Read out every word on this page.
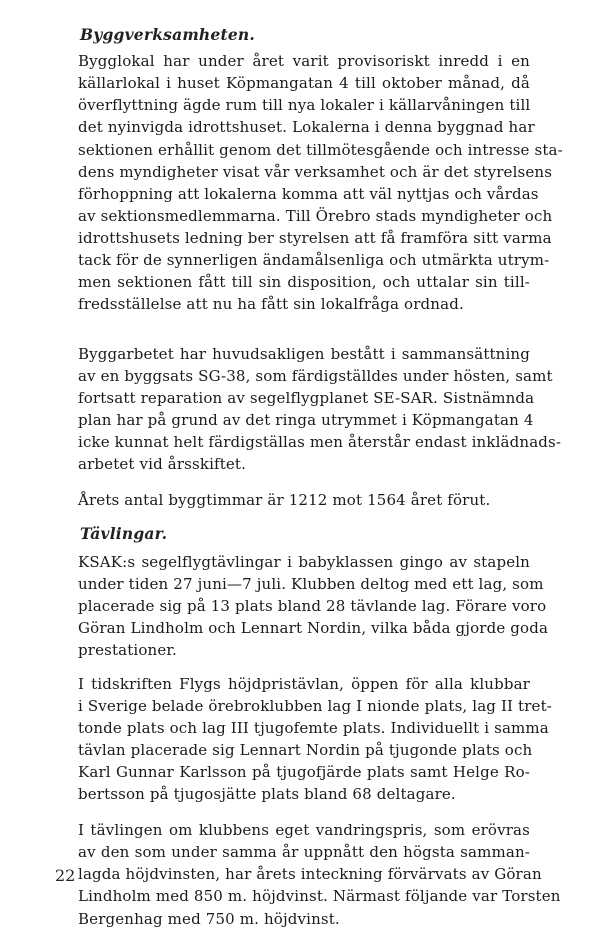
Byggverksamheten.
Bygglokal har under året varit provisoriskt inredd i en
källarlokal i huset Köpmangatan 4 till oktober månad, då
överflyttning ägde rum till nya lokaler i källarvåningen till
det nyinvigda idrottshuset. Lokalerna i denna byggnad har
sektionen erhållit genom det tillmötesgående och intresse sta-
dens myndigheter visat vår verksamhet och är det styrelsens
förhoppning att lokalerna komma att väl nyttjas och vårdas
av sektionsmedlemmarna. Till Örebro stads myndigheter och
idrottshusets ledning ber styrelsen att få framföra sitt varma
tack för de synnerligen ändamålsenliga och utmärkta utrym-
men sektionen fått till sin disposition, och uttalar sin till-
fredsställelse att nu ha fått sin lokalfråga ordnad.
Byggarbetet har huvudsakligen bestått i sammansättning
av en byggsats SG-38, som färdigställdes under hösten, samt
fortsatt reparation av segelflygplanet SE-SAR. Sistnämnda
plan har på grund av det ringa utrymmet i Köpmangatan 4
icke kunnat helt färdigställas men återstår endast inklädnads-
arbetet vid årsskiftet.
Årets antal byggtimmar är 1212 mot 1564 året förut.
Tävlingar.
KSAK:s segelflygtävlingar i babyklassen gingo av stapeln
under tiden 27 juni—7 juli. Klubben deltog med ett lag, som
placerade sig på 13 plats bland 28 tävlande lag. Förare voro
Göran Lindholm och Lennart Nordin, vilka båda gjorde goda
prestationer.
I tidskriften Flygs höjdpristävlan, öppen för alla klubbar
i Sverige belade örebroklubben lag I nionde plats, lag II tret-
tonde plats och lag III tjugofemte plats. Individuellt i samma
tävlan placerade sig Lennart Nordin på tjugonde plats och
Karl Gunnar Karlsson på tjugofjärde plats samt Helge Ro-
bertsson på tjugosjätte plats bland 68 deltagare.
I tävlingen om klubbens eget vandringspris, som erövras
av den som under samma år uppnått den högsta samman-
lagda höjdvinsten, har årets inteckning förvärvats av Göran
Lindholm med 850 m. höjdvinst. Närmast följande var Torsten
Bergenhag med 750 m. höjdvinst.

22
